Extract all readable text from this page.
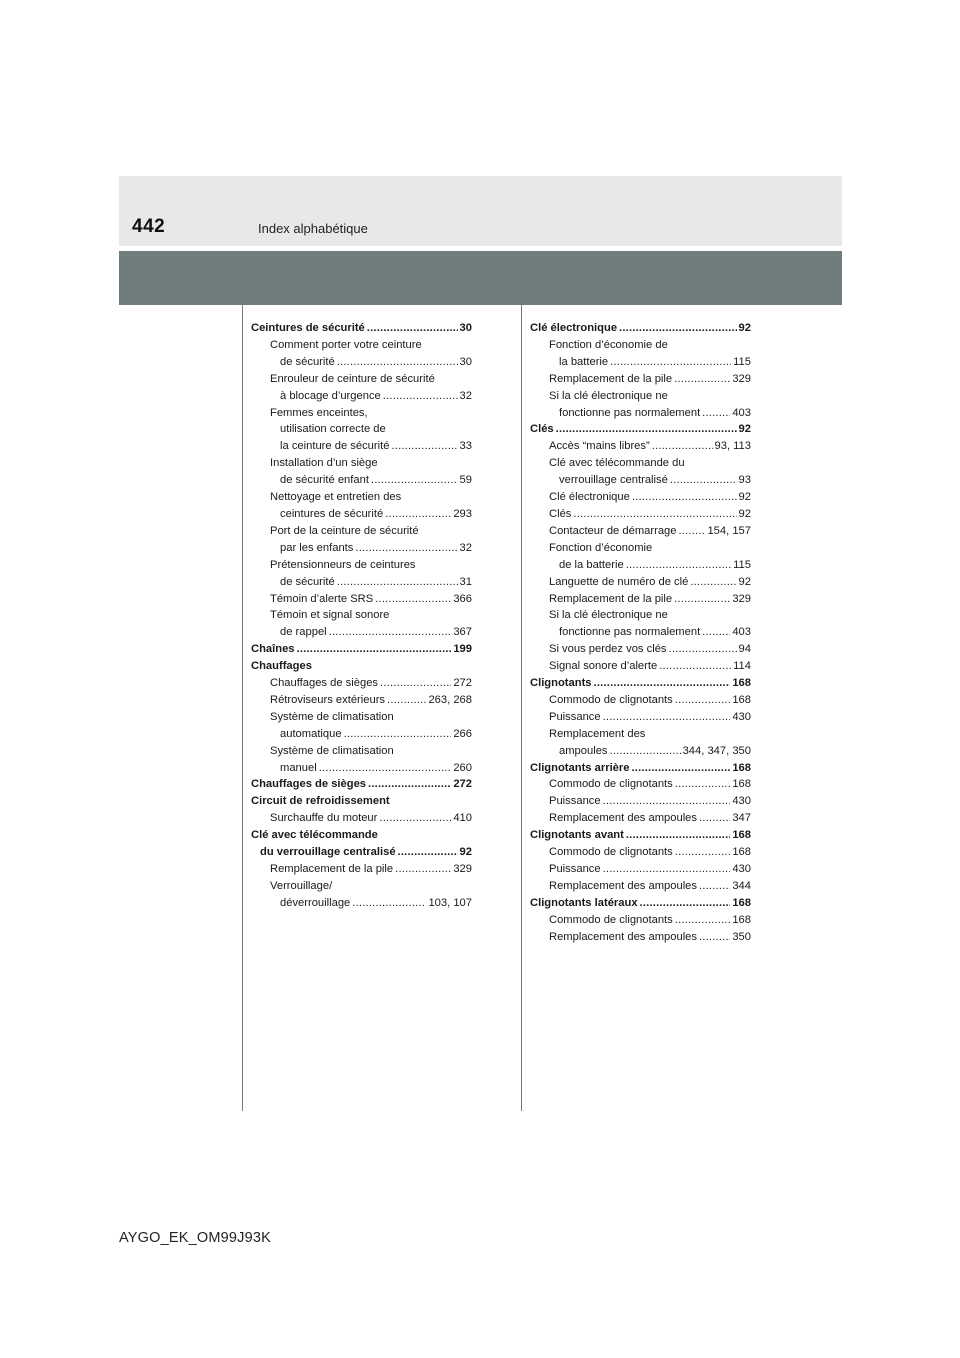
442	Index alphabétique
Ceintures de sécurité .....	30
Comment porter votre ceinture
de sécurité .....	30
Enrouleur de ceinture de sécurité
à blocage d’urgence .....	32
Femmes enceintes,
utilisation correcte de
la ceinture de sécurité .....	33
Installation d’un siège
de sécurité enfant .....	59
Nettoyage et entretien des
ceintures de sécurité .....	293
Port de la ceinture de sécurité
par les enfants .....	32
Prétensionneurs de ceintures
de sécurité .....	31
Témoin d’alerte SRS .....	366
Témoin et signal sonore
de rappel .....	367
Chaînes .....	199
Chauffages
Chauffages de sièges .....	272
Rétroviseurs extérieurs .....	263, 268
Système de climatisation
automatique .....	266
Système de climatisation
manuel .....	260
Chauffages de sièges .....	272
Circuit de refroidissement
Surchauffe du moteur .....	410
Clé avec télécommande
du verrouillage centralisé .....	92
Remplacement de la pile .....	329
Verrouillage/
déverrouillage .....	103, 107
Clé électronique .....	92
Fonction d’économie de
la batterie .....	115
Remplacement de la pile .....	329
Si la clé électronique ne
fonctionne pas normalement .....	403
Clés .....	92
Accès “mains libres” .....	93, 113
Clé avec télécommande du
verrouillage centralisé .....	93
Clé électronique .....	92
Clés .....	92
Contacteur de démarrage .....	154, 157
Fonction d’économie
de la batterie .....	115
Languette de numéro de clé .....	92
Remplacement de la pile .....	329
Si la clé électronique ne
fonctionne pas normalement .....	403
Si vous perdez vos clés .....	94
Signal sonore d’alerte .....	114
Clignotants .....	168
Commodo de clignotants .....	168
Puissance .....	430
Remplacement des
ampoules .....	344, 347, 350
Clignotants arrière .....	168
Commodo de clignotants .....	168
Puissance .....	430
Remplacement des ampoules .....	347
Clignotants avant .....	168
Commodo de clignotants .....	168
Puissance .....	430
Remplacement des ampoules .....	344
Clignotants latéraux .....	168
Commodo de clignotants .....	168
Remplacement des ampoules .....	350
AYGO_EK_OM99J93K
